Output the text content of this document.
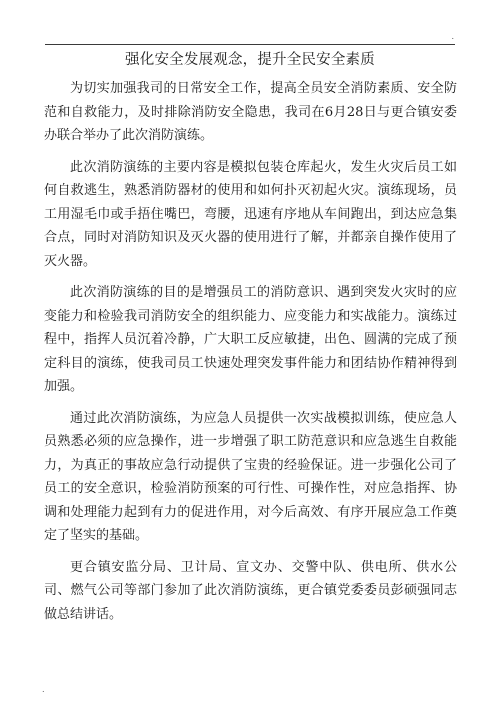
.
强化安全发展观念，提升全民安全素质

为切实加强我司的日常安全工作，提高全员安全消防素质、安全防范和自救能力，及时排除消防安全隐患，我司在6月28日与更合镇安委办联合举办了此次消防演练。

此次消防演练的主要内容是模拟包装仓库起火，发生火灾后员工如何自救逃生，熟悉消防器材的使用和如何扑灭初起火灾。演练现场，员工用湿毛巾或手捂住嘴巴，弯腰，迅速有序地从车间跑出，到达应急集合点，同时对消防知识及灭火器的使用进行了解，并都亲自操作使用了灭火器。

此次消防演练的目的是增强员工的消防意识、遇到突发火灾时的应变能力和检验我司消防安全的组织能力、应变能力和实战能力。演练过程中，指挥人员沉着冷静，广大职工反应敏捷，出色、圆满的完成了预定科目的演练，使我司员工快速处理突发事件能力和团结协作精神得到加强。

通过此次消防演练，为应急人员提供一次实战模拟训练，使应急人员熟悉必须的应急操作，进一步增强了职工防范意识和应急逃生自救能力，为真正的事故应急行动提供了宝贵的经验保证。进一步强化公司了员工的安全意识，检验消防预案的可行性、可操作性，对应急指挥、协调和处理能力起到有力的促进作用，对今后高效、有序开展应急工作奠定了坚实的基础。

更合镇安监分局、卫计局、宣文办、交警中队、供电所、供水公司、燃气公司等部门参加了此次消防演练，更合镇党委委员彭硕强同志做总结讲话。

.
